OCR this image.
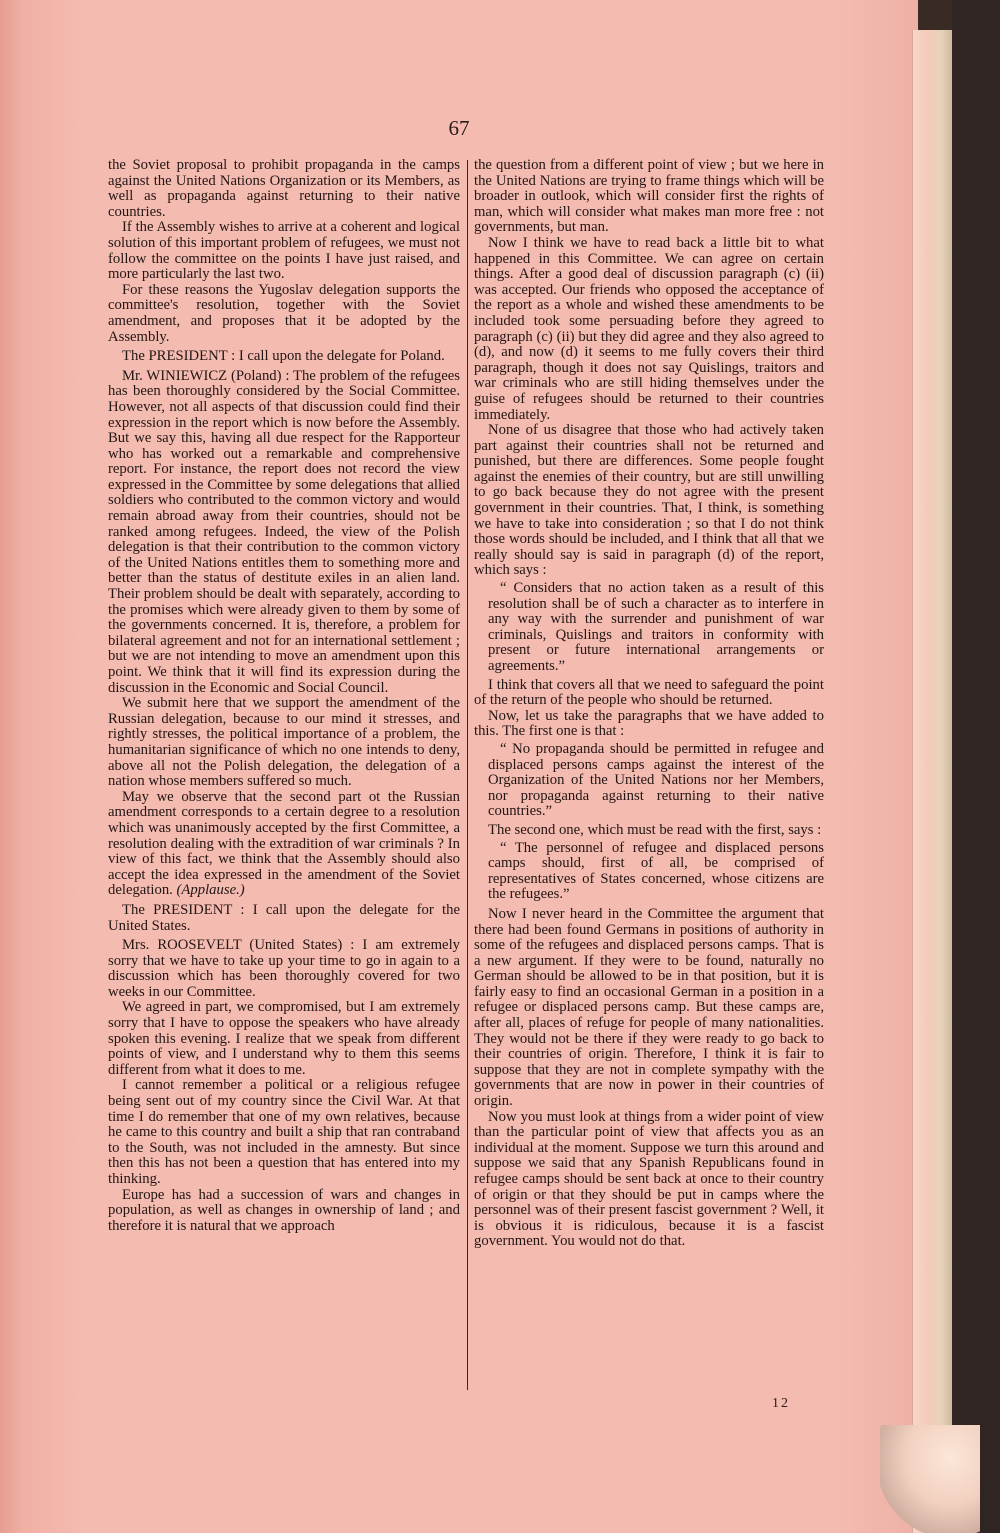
67

the Soviet proposal to prohibit propaganda in the camps against the United Nations Organization or its Members, as well as propaganda against returning to their native countries.

If the Assembly wishes to arrive at a coherent and logical solution of this important problem of refugees, we must not follow the committee on the points I have just raised, and more particularly the last two.

For these reasons the Yugoslav delegation supports the committee's resolution, together with the Soviet amendment, and proposes that it be adopted by the Assembly.

The PRESIDENT : I call upon the delegate for Poland.

Mr. WINIEWICZ (Poland) : The problem of the refugees has been thoroughly considered by the Social Committee. However, not all aspects of that discussion could find their expression in the report which is now before the Assembly. But we say this, having all due respect for the Rapporteur who has worked out a remarkable and comprehensive report. For instance, the report does not record the view expressed in the Committee by some delegations that allied soldiers who contributed to the common victory and would remain abroad away from their countries, should not be ranked among refugees. Indeed, the view of the Polish delegation is that their contribution to the common victory of the United Nations entitles them to something more and better than the status of destitute exiles in an alien land. Their problem should be dealt with separately, according to the promises which were already given to them by some of the governments concerned. It is, therefore, a problem for bilateral agreement and not for an international settlement ; but we are not intending to move an amendment upon this point. We think that it will find its expression during the discussion in the Economic and Social Council.

We submit here that we support the amendment of the Russian delegation, because to our mind it stresses, and rightly stresses, the political importance of a problem, the humanitarian significance of which no one intends to deny, above all not the Polish delegation, the delegation of a nation whose members suffered so much.

May we observe that the second part ot the Russian amendment corresponds to a certain degree to a resolution which was unanimously accepted by the first Committee, a resolution dealing with the extradition of war criminals ? In view of this fact, we think that the Assembly should also accept the idea expressed in the amendment of the Soviet delegation. (Applause.)

The PRESIDENT : I call upon the delegate for the United States.

Mrs. ROOSEVELT (United States) : I am extremely sorry that we have to take up your time to go in again to a discussion which has been thoroughly covered for two weeks in our Committee.

We agreed in part, we compromised, but I am extremely sorry that I have to oppose the speakers who have already spoken this evening. I realize that we speak from different points of view, and I understand why to them this seems different from what it does to me.

I cannot remember a political or a religious refugee being sent out of my country since the Civil War. At that time I do remember that one of my own relatives, because he came to this country and built a ship that ran contraband to the South, was not included in the amnesty. But since then this has not been a question that has entered into my thinking.

Europe has had a succession of wars and changes in population, as well as changes in ownership of land ; and therefore it is natural that we approach

the question from a different point of view ; but we here in the United Nations are trying to frame things which will be broader in outlook, which will consider first the rights of man, which will consider what makes man more free : not governments, but man.

Now I think we have to read back a little bit to what happened in this Committee. We can agree on certain things. After a good deal of discussion paragraph (c) (ii) was accepted. Our friends who opposed the acceptance of the report as a whole and wished these amendments to be included took some persuading before they agreed to paragraph (c) (ii) but they did agree and they also agreed to (d), and now (d) it seems to me fully covers their third paragraph, though it does not say Quislings, traitors and war criminals who are still hiding themselves under the guise of refugees should be returned to their countries immediately.

None of us disagree that those who had actively taken part against their countries shall not be returned and punished, but there are differences. Some people fought against the enemies of their country, but are still unwilling to go back because they do not agree with the present government in their countries. That, I think, is something we have to take into consideration ; so that I do not think those words should be included, and I think that all that we really should say is said in paragraph (d) of the report, which says :

“ Considers that no action taken as a result of this resolution shall be of such a character as to interfere in any way with the surrender and punishment of war criminals, Quislings and traitors in conformity with present or future international arrangements or agreements.”

I think that covers all that we need to safeguard the point of the return of the people who should be returned.

Now, let us take the paragraphs that we have added to this. The first one is that :

“ No propaganda should be permitted in refugee and displaced persons camps against the interest of the Organization of the United Nations nor her Members, nor propaganda against returning to their native countries.”

The second one, which must be read with the first, says :

“ The personnel of refugee and displaced persons camps should, first of all, be comprised of representatives of States concerned, whose citizens are the refugees.”

Now I never heard in the Committee the argument that there had been found Germans in positions of authority in some of the refugees and displaced persons camps. That is a new argument. If they were to be found, naturally no German should be allowed to be in that position, but it is fairly easy to find an occasional German in a position in a refugee or displaced persons camp. But these camps are, after all, places of refuge for people of many nationalities. They would not be there if they were ready to go back to their countries of origin. Therefore, I think it is fair to suppose that they are not in complete sympathy with the governments that are now in power in their countries of origin.

Now you must look at things from a wider point of view than the particular point of view that affects you as an individual at the moment. Suppose we turn this around and suppose we said that any Spanish Republicans found in refugee camps should be sent back at once to their country of origin or that they should be put in camps where the personnel was of their present fascist government ? Well, it is obvious it is ridiculous, because it is a fascist government. You would not do that.

12
